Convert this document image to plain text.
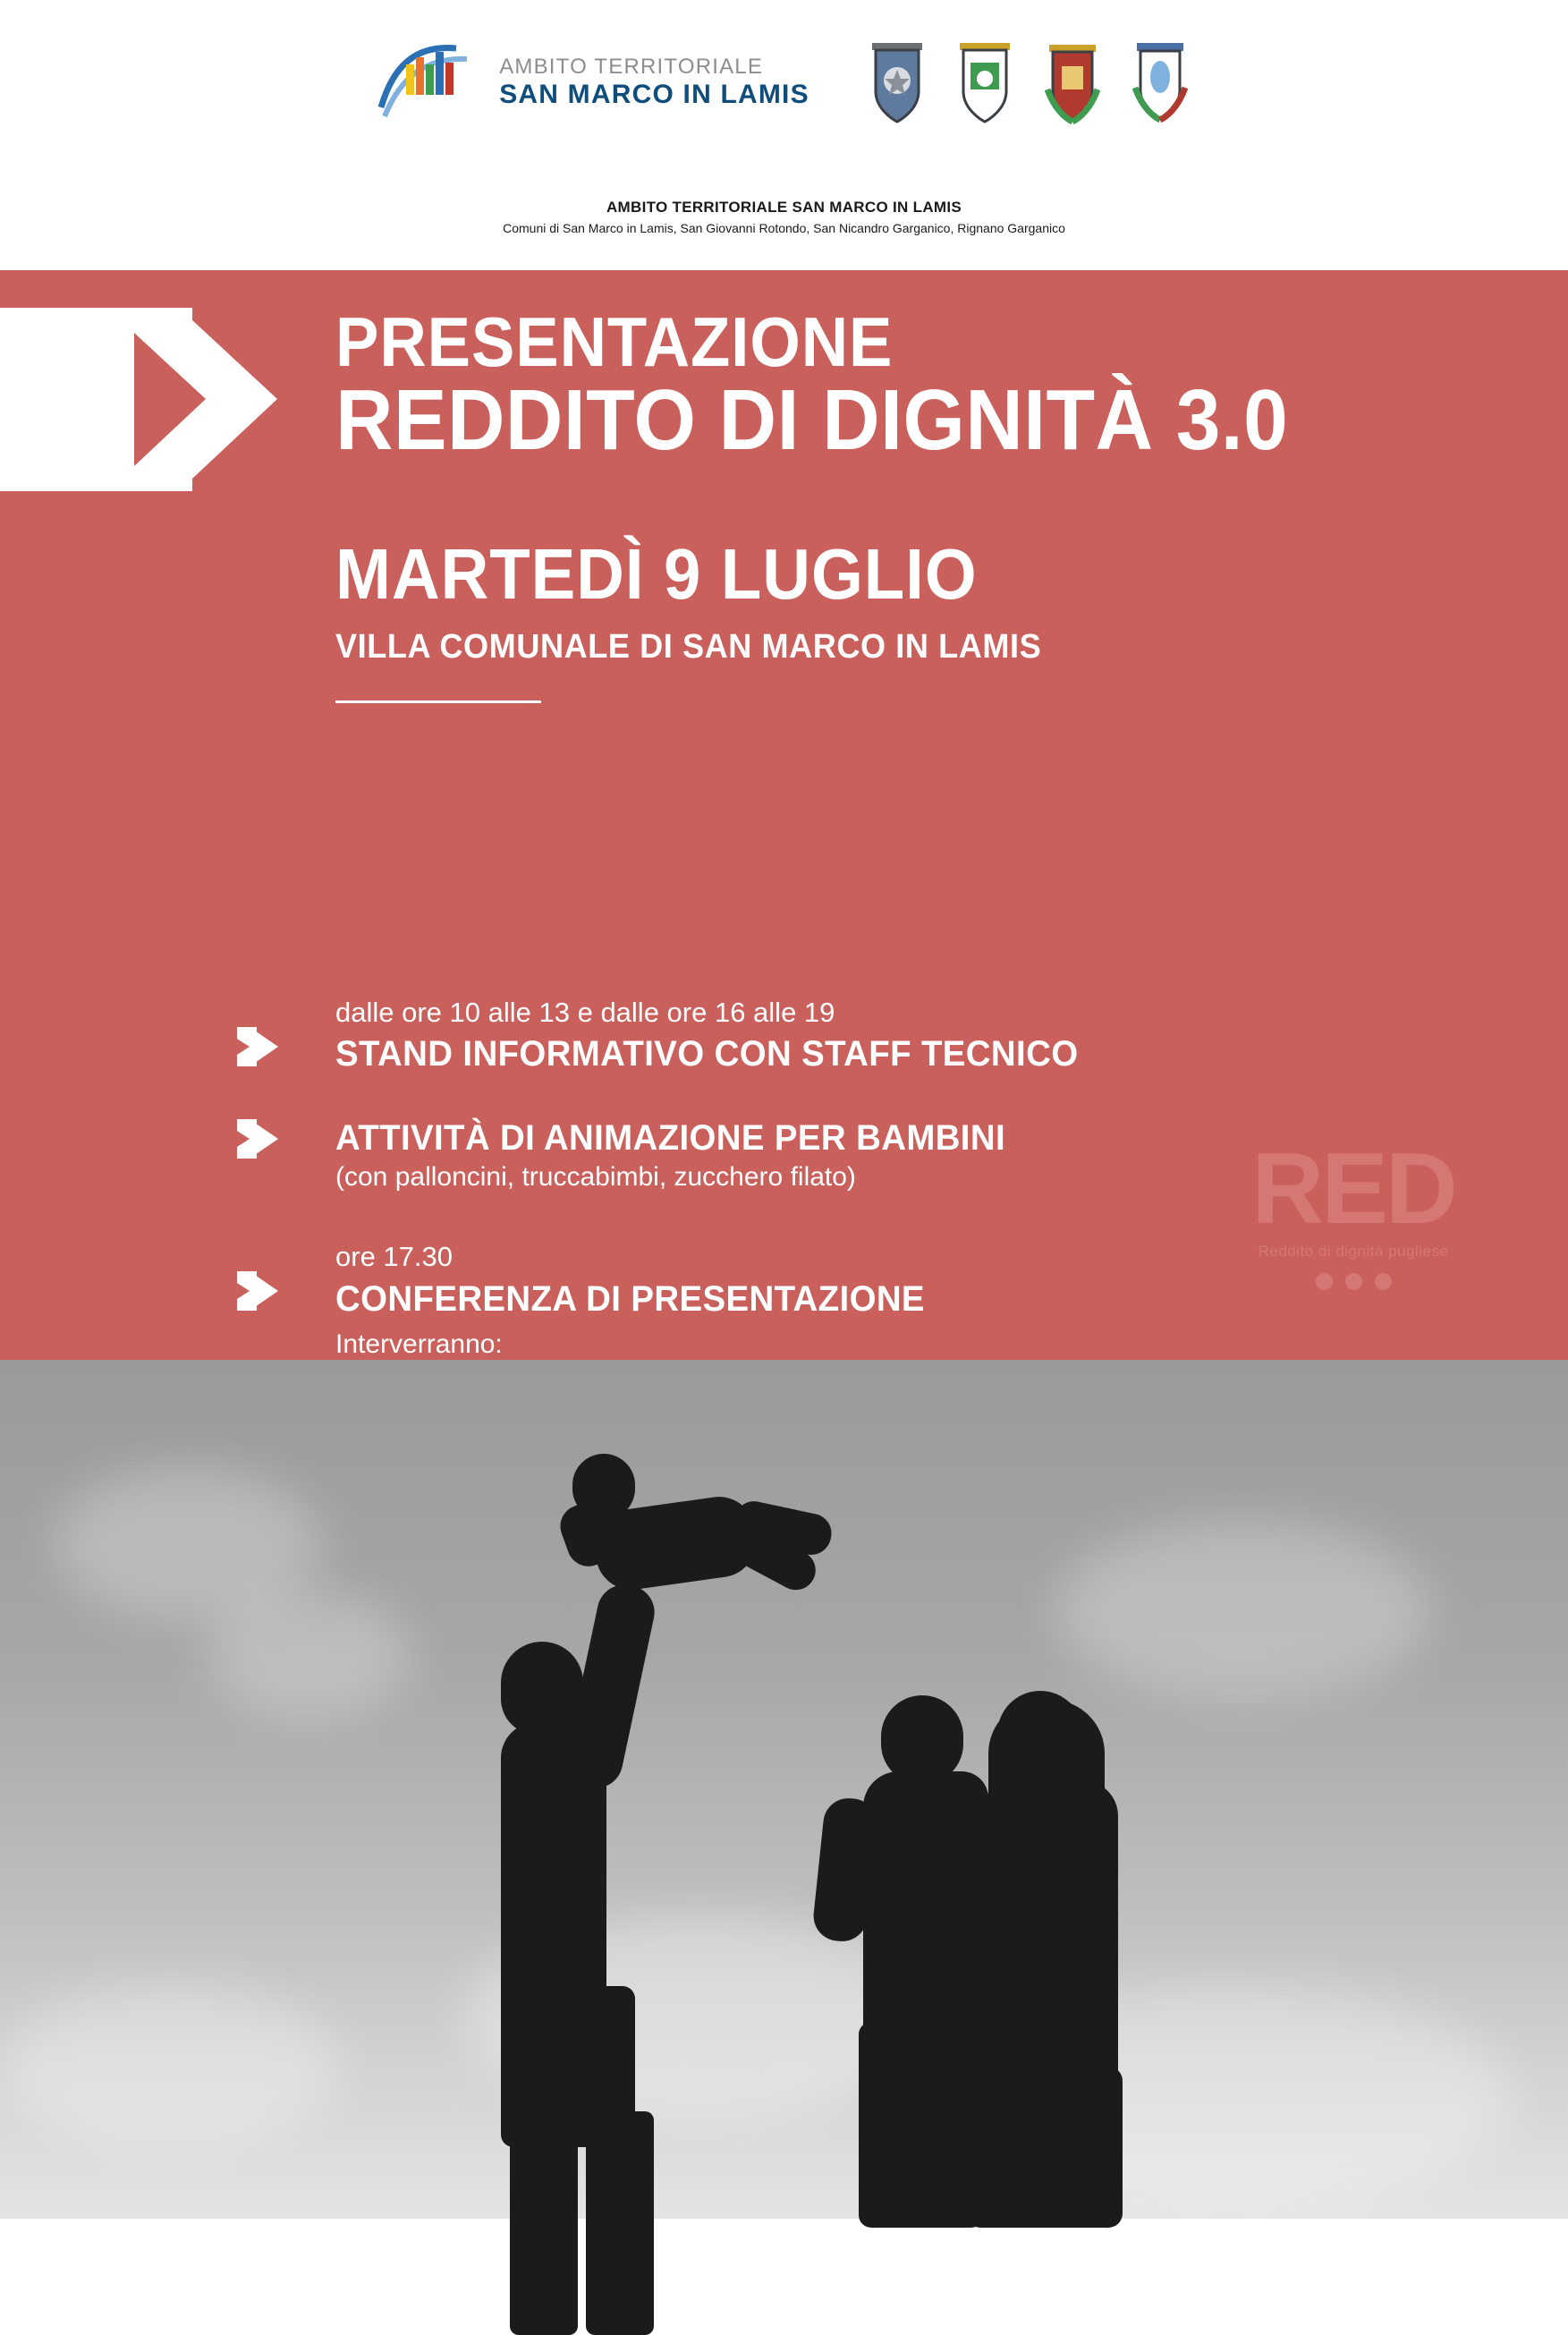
AMBITO TERRITORIALE
SAN MARCO IN LAMIS
AMBITO TERRITORIALE SAN MARCO IN LAMIS
Comuni di San Marco in Lamis, San Giovanni Rotondo, San Nicandro Garganico, Rignano Garganico
PRESENTAZIONE
REDDITO DI DIGNITÀ 3.0
MARTEDÌ 9 LUGLIO
VILLA COMUNALE DI SAN MARCO IN LAMIS
dalle ore 10 alle 13 e dalle ore 16 alle 19
STAND INFORMATIVO CON STAFF TECNICO
ATTIVITÀ DI ANIMAZIONE PER BAMBINI
(con palloncini, truccabimbi, zucchero filato)
ore 17.30
CONFERENZA DI PRESENTAZIONE
Interverranno:
RED
Reddito di dignità pugliese
